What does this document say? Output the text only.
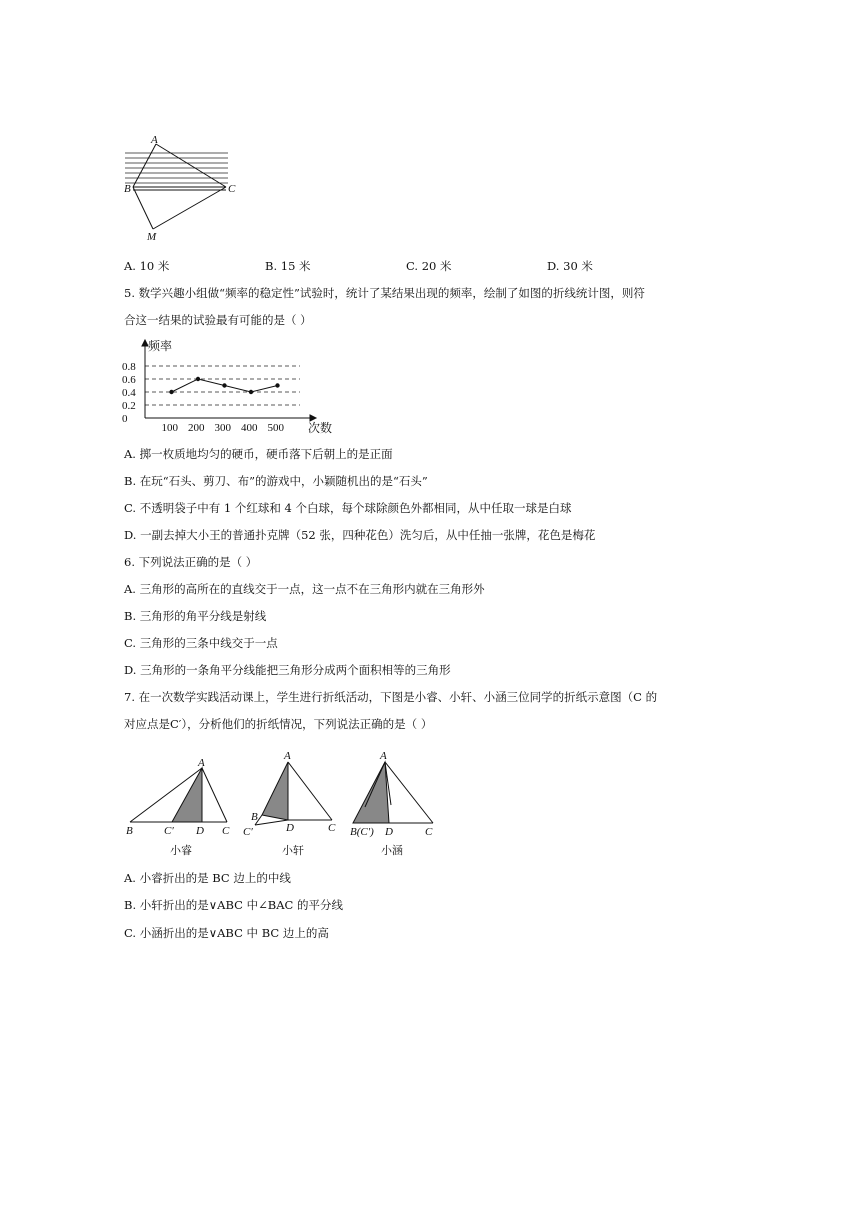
A
B	C
M
A. 10 米	B. 15 米	C. 20 米	D. 30 米
5. 数学兴趣小组做“频率的稳定性”试验时，统计了某结果出现的频率，绘制了如图的折线统计图，则符
合这一结果的试验最有可能的是（ ）
0
0.2
0.4
0.6
0.8
100 200 300 400 500
频率
次数
A. 掷一枚质地均匀的硬币，硬币落下后朝上的是正面
B. 在玩“石头、剪刀、布”的游戏中，小颖随机出的是“石头”
C. 不透明袋子中有 1 个红球和 4 个白球，每个球除颜色外都相同，从中任取一球是白球
D. 一副去掉大小王的普通扑克牌（52 张，四种花色）洗匀后，从中任抽一张牌，花色是梅花
6. 下列说法正确的是（ ）
A. 三角形的高所在的直线交于一点，这一点不在三角形内就在三角形外
B. 三角形的角平分线是射线
C. 三角形的三条中线交于一点
D. 三角形的一条角平分线能把三角形分成两个面积相等的三角形
7. 在一次数学实践活动课上，学生进行折纸活动，下图是小睿、小轩、小涵三位同学的折纸示意图（C 的
对应点是C′），分析他们的折纸情况，下列说法正确的是（ ）
A
B	C′ D C
小睿
A
B
C′	D	C
小轩
A
B(C′) D	C
小涵
A. 小睿折出的是 BC 边上的中线
B. 小轩折出的是∨ABC 中∠BAC 的平分线
C. 小涵折出的是∨ABC 中 BC 边上的高
